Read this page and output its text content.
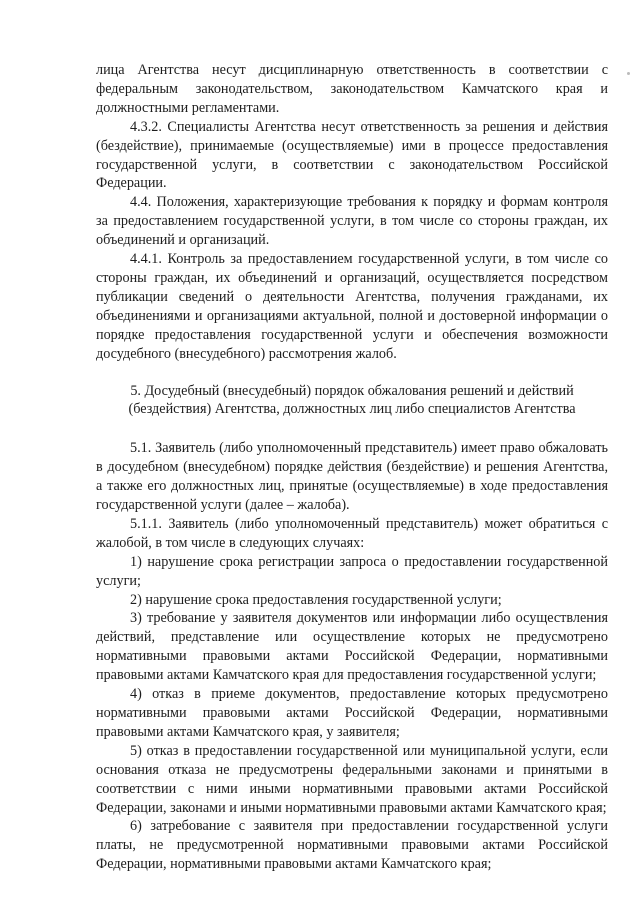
лица Агентства несут дисциплинарную ответственность в соответствии с федеральным законодательством, законодательством Камчатского края и должностными регламентами.

4.3.2. Специалисты Агентства несут ответственность за решения и действия (бездействие), принимаемые (осуществляемые) ими в процессе предоставления государственной услуги, в соответствии с законодательством Российской Федерации.

4.4. Положения, характеризующие требования к порядку и формам контроля за предоставлением государственной услуги, в том числе со стороны граждан, их объединений и организаций.

4.4.1. Контроль за предоставлением государственной услуги, в том числе со стороны граждан, их объединений и организаций, осуществляется посредством публикации сведений о деятельности Агентства, получения гражданами, их объединениями и организациями актуальной, полной и достоверной информации о порядке предоставления государственной услуги и обеспечения возможности досудебного (внесудебного) рассмотрения жалоб.

5. Досудебный (внесудебный) порядок обжалования решений и действий (бездействия) Агентства, должностных лиц либо специалистов Агентства

5.1. Заявитель (либо уполномоченный представитель) имеет право обжаловать в досудебном (внесудебном) порядке действия (бездействие) и решения Агентства, а также его должностных лиц, принятые (осуществляемые) в ходе предоставления государственной услуги (далее – жалоба).

5.1.1. Заявитель (либо уполномоченный представитель) может обратиться с жалобой, в том числе в следующих случаях:

1) нарушение срока регистрации запроса о предоставлении государственной услуги;

2) нарушение срока предоставления государственной услуги;

3) требование у заявителя документов или информации либо осуществления действий, представление или осуществление которых не предусмотрено нормативными правовыми актами Российской Федерации, нормативными правовыми актами Камчатского края для предоставления государственной услуги;

4) отказ в приеме документов, предоставление которых предусмотрено нормативными правовыми актами Российской Федерации, нормативными правовыми актами Камчатского края, у заявителя;

5) отказ в предоставлении государственной или муниципальной услуги, если основания отказа не предусмотрены федеральными законами и принятыми в соответствии с ними иными нормативными правовыми актами Российской Федерации, законами и иными нормативными правовыми актами Камчатского края;

6) затребование с заявителя при предоставлении государственной услуги платы, не предусмотренной нормативными правовыми актами Российской Федерации, нормативными правовыми актами Камчатского края;
